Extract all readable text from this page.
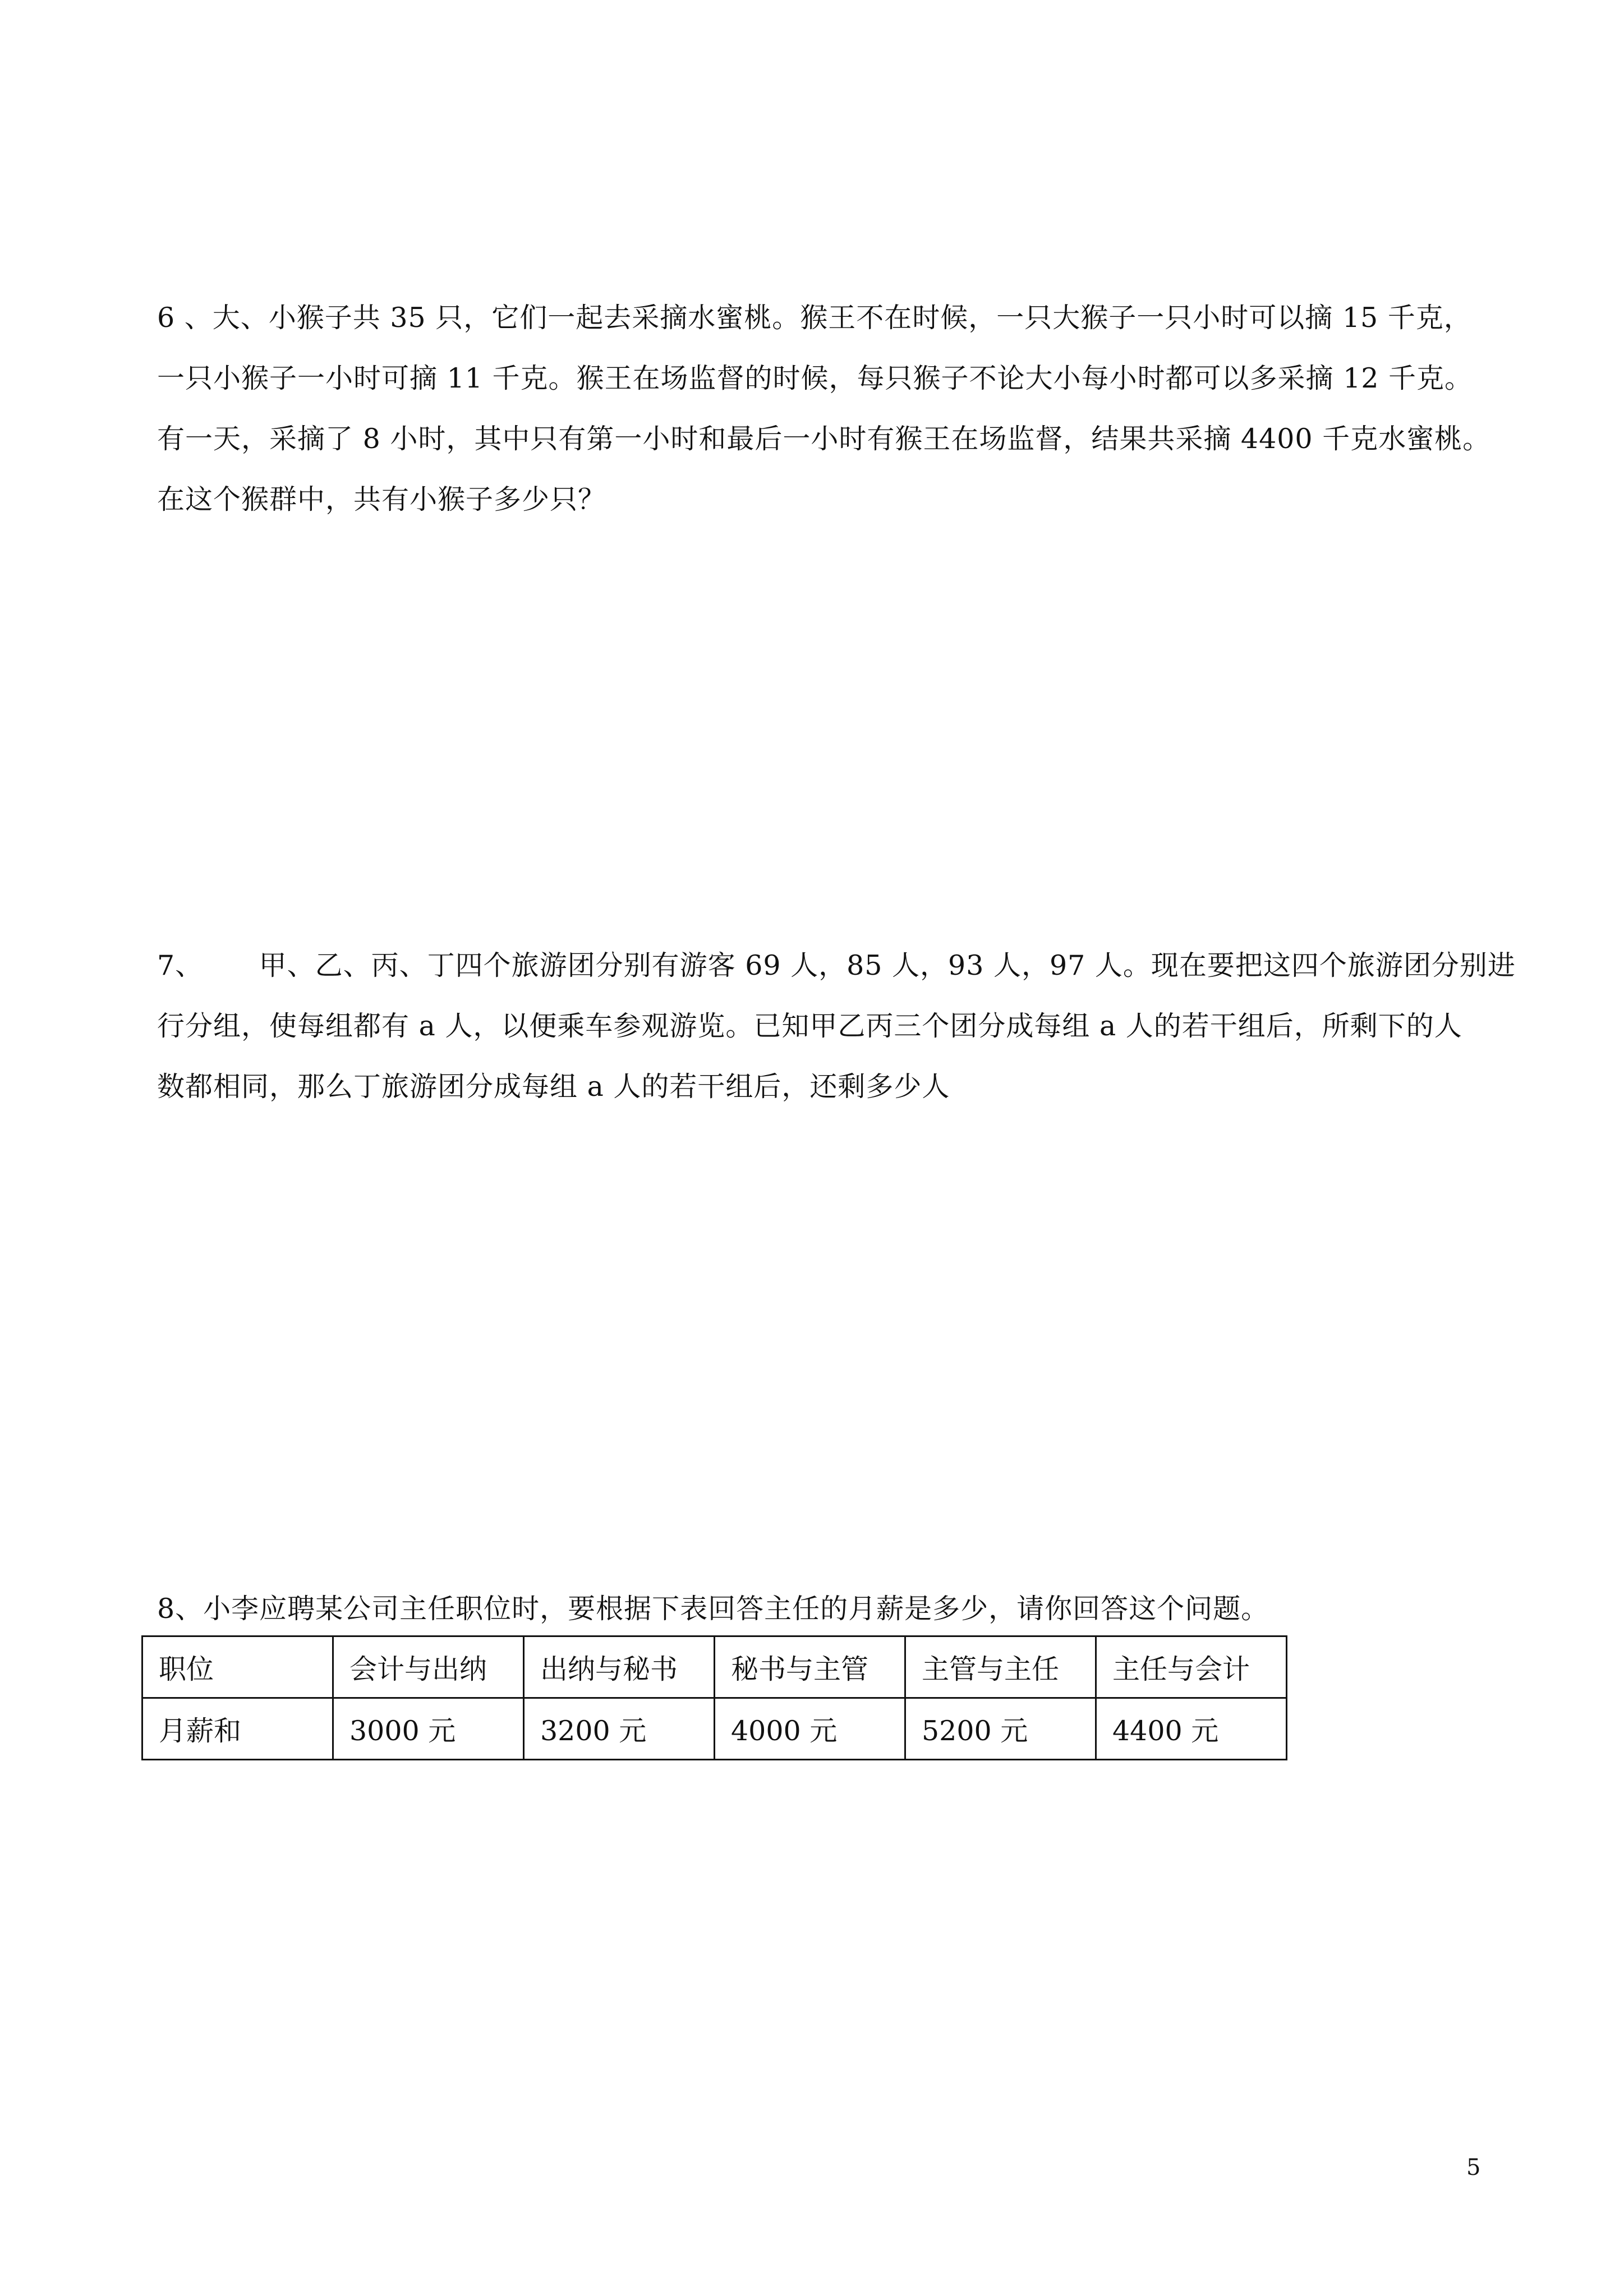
6 、大、小猴子共 35 只，它们一起去采摘水蜜桃。猴王不在时候，一只大猴子一只小时可以摘 15 千克，

一只小猴子一小时可摘 11 千克。猴王在场监督的时候，每只猴子不论大小每小时都可以多采摘 12 千克。

有一天，采摘了 8 小时，其中只有第一小时和最后一小时有猴王在场监督，结果共采摘 4400 千克水蜜桃。

在这个猴群中，共有小猴子多少只？

7、      甲、乙、丙、丁四个旅游团分别有游客 69 人，85 人，93 人，97 人。现在要把这四个旅游团分别进

行分组，使每组都有 a 人，以便乘车参观游览。已知甲乙丙三个团分成每组 a 人的若干组后，所剩下的人

数都相同，那么丁旅游团分成每组 a 人的若干组后，还剩多少人

8、小李应聘某公司主任职位时，要根据下表回答主任的月薪是多少，请你回答这个问题。

职位	会计与出纳	出纳与秘书	秘书与主管	主管与主任	主任与会计
月薪和	3000 元	3200 元	4000 元	5200 元	4400 元
5
